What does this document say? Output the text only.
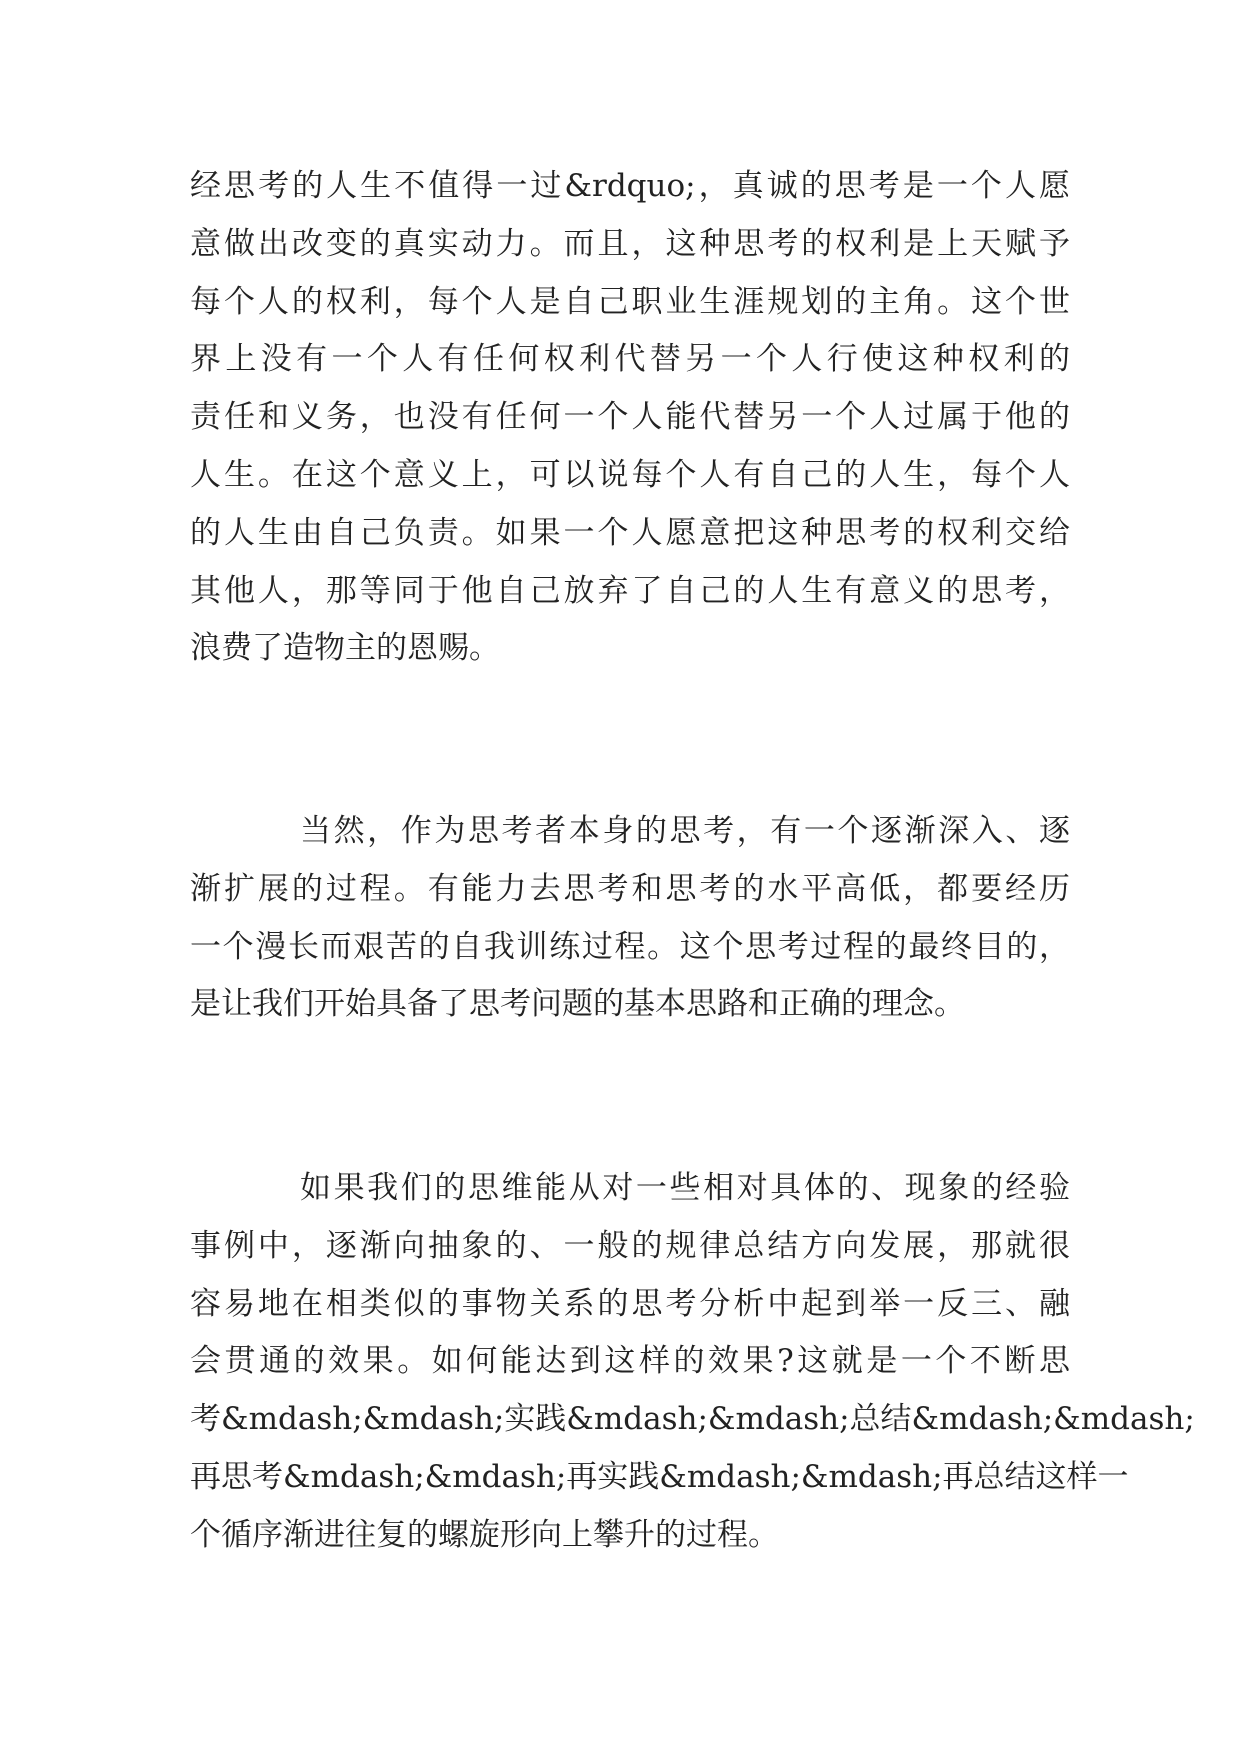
经思考的人生不值得一过&rdquo;，真诚的思考是一个人愿
意做出改变的真实动力。而且，这种思考的权利是上天赋予
每个人的权利，每个人是自己职业生涯规划的主角。这个世
界上没有一个人有任何权利代替另一个人行使这种权利的
责任和义务，也没有任何一个人能代替另一个人过属于他的
人生。在这个意义上，可以说每个人有自己的人生，每个人
的人生由自己负责。如果一个人愿意把这种思考的权利交给
其他人，那等同于他自己放弃了自己的人生有意义的思考，
浪费了造物主的恩赐。
当然，作为思考者本身的思考，有一个逐渐深入、逐
渐扩展的过程。有能力去思考和思考的水平高低，都要经历
一个漫长而艰苦的自我训练过程。这个思考过程的最终目的，
是让我们开始具备了思考问题的基本思路和正确的理念。
如果我们的思维能从对一些相对具体的、现象的经验
事例中，逐渐向抽象的、一般的规律总结方向发展，那就很
容易地在相类似的事物关系的思考分析中起到举一反三、融
会贯通的效果。如何能达到这样的效果?这就是一个不断思
考&mdash;&mdash;实践&mdash;&mdash;总结&mdash;&mdash;
再思考&mdash;&mdash;再实践&mdash;&mdash;再总结这样一
个循序渐进往复的螺旋形向上攀升的过程。
